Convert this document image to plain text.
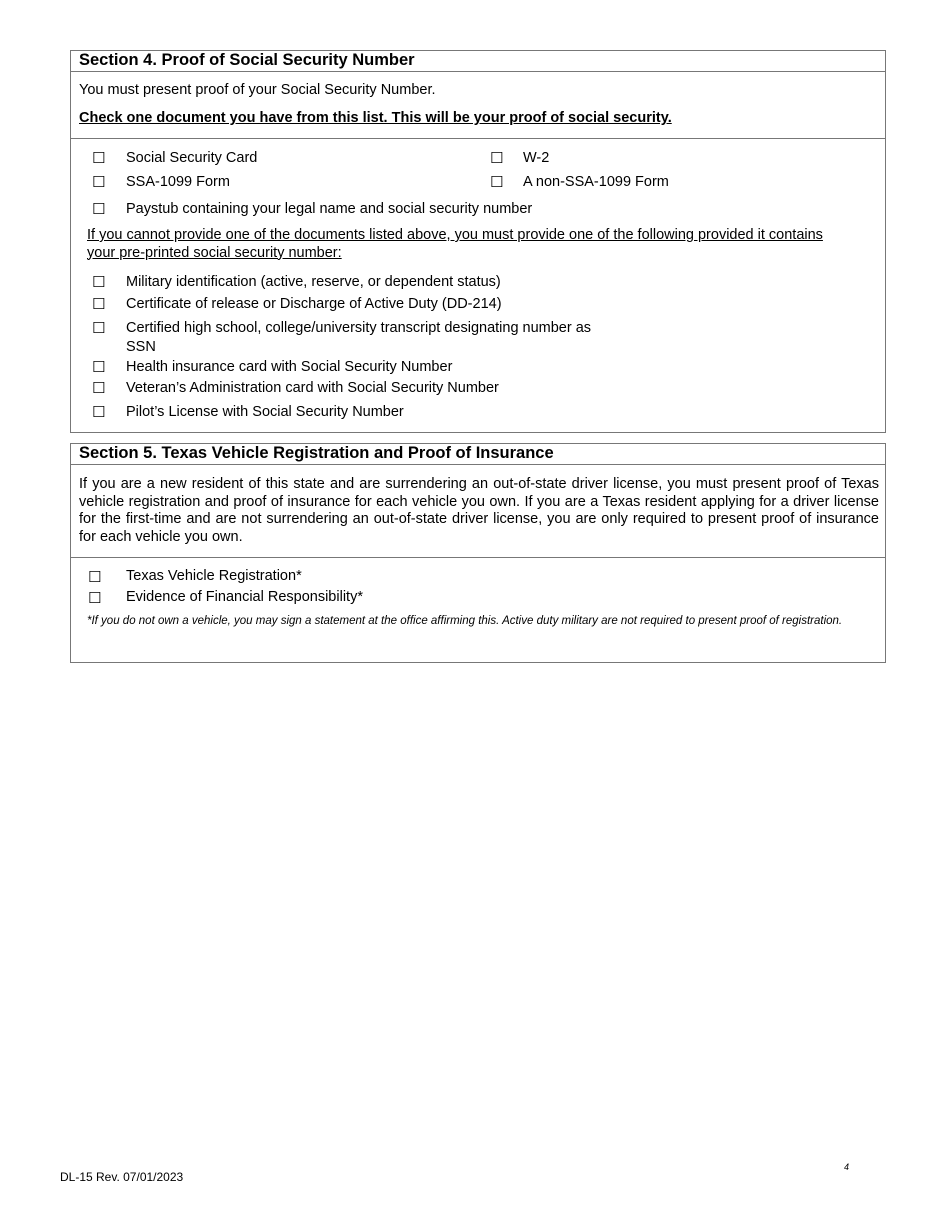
Section 4. Proof of Social Security Number
You must present proof of your Social Security Number.
Check one document you have from this list. This will be your proof of social security.
☐ Social Security Card	☐ W-2
☐ SSA-1099 Form	☐ A non-SSA-1099 Form
☐ Paystub containing your legal name and social security number
If you cannot provide one of the documents listed above, you must provide one of the following provided it contains your pre-printed social security number:
☐ Military identification (active, reserve, or dependent status)
☐ Certificate of release or Discharge of Active Duty (DD-214)
☐ Certified high school, college/university transcript designating number as
SSN
☐ Health insurance card with Social Security Number
☐ Veteran’s Administration card with Social Security Number
☐ Pilot’s License with Social Security Number
Section 5. Texas Vehicle Registration and Proof of Insurance
If you are a new resident of this state and are surrendering an out-of-state driver license, you must present proof of Texas vehicle registration and proof of insurance for each vehicle you own. If you are a Texas resident applying for a driver license for the first-time and are not surrendering an out-of-state driver license, you are only required to present proof of insurance for each vehicle you own.
☐ Texas Vehicle Registration*
☐ Evidence of Financial Responsibility*
*If you do not own a vehicle, you may sign a statement at the office affirming this. Active duty military are not required to present proof of registration.
DL-15 Rev. 07/01/2023
4
